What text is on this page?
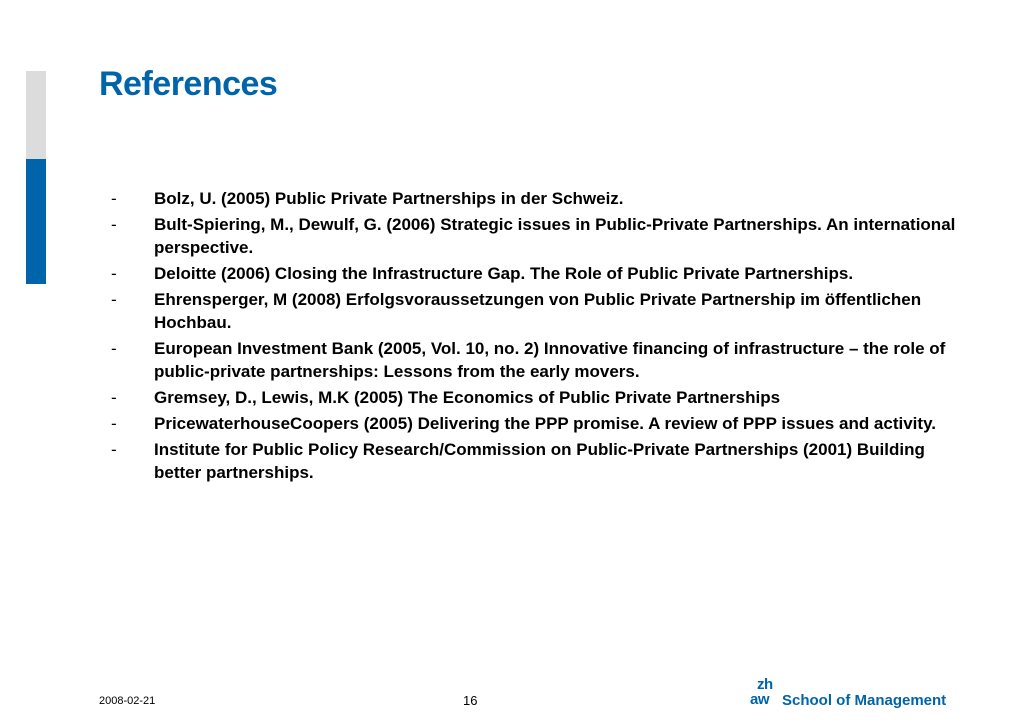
References
- Bolz, U. (2005) Public Private Partnerships in der Schweiz.
- Bult-Spiering, M., Dewulf, G. (2006) Strategic issues in Public-Private Partnerships. An international perspective.
- Deloitte (2006) Closing the Infrastructure Gap. The Role of Public Private Partnerships.
- Ehrensperger, M (2008) Erfolgsvoraussetzungen von Public Private Partnership im öffentlichen Hochbau.
- European Investment Bank (2005, Vol. 10, no. 2) Innovative financing of infrastructure – the role of public-private partnerships: Lessons from the early movers.
- Gremsey, D., Lewis, M.K (2005) The Economics of Public Private Partnerships
- PricewaterhouseCoopers (2005) Delivering the PPP promise. A review of PPP issues and activity.
- Institute for Public Policy Research/Commission on Public-Private Partnerships (2001) Building better partnerships.
2008-02-21	16
zh
aw School of Management
